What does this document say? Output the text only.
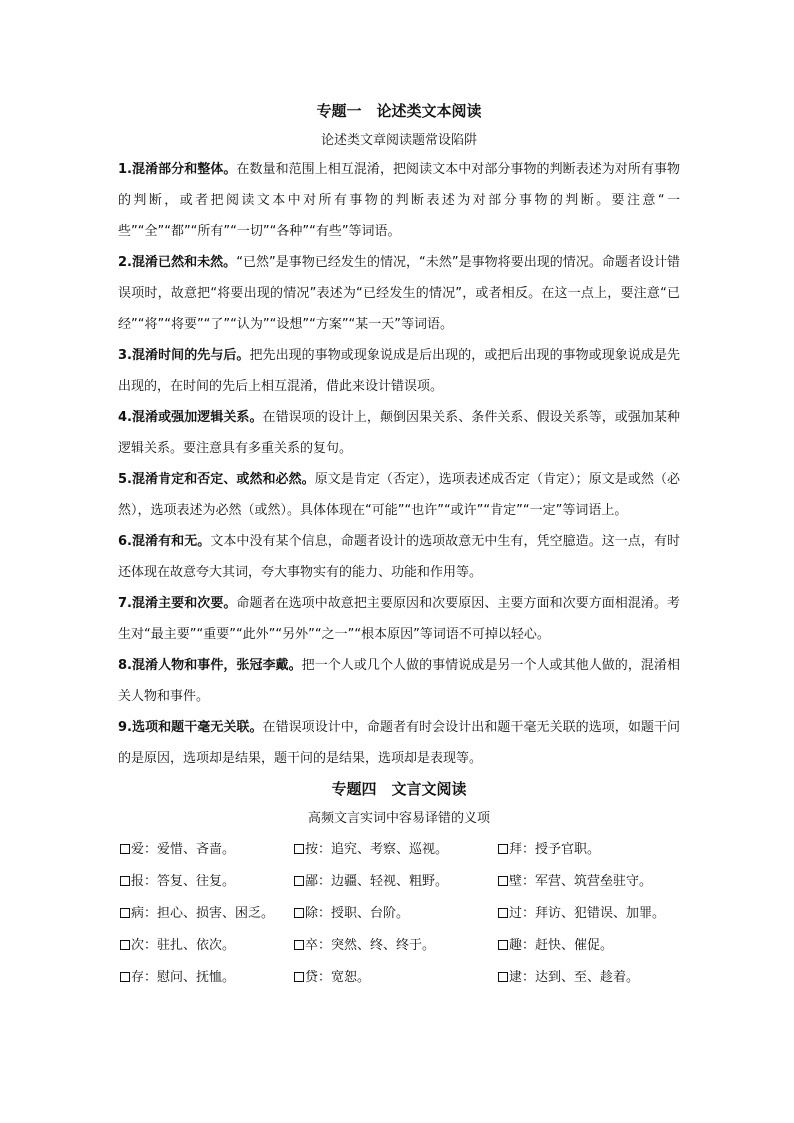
专题一　论述类文本阅读
论述类文章阅读题常设陷阱

1.混淆部分和整体。在数量和范围上相互混淆，把阅读文本中对部分事物的判断表述为对所有事物的判断，或者把阅读文本中对所有事物的判断表述为对部分事物的判断。要注意“一些”“全”“都”“所有”“一切”“各种”“有些”等词语。

2.混淆已然和未然。“已然”是事物已经发生的情况，“未然”是事物将要出现的情况。命题者设计错误项时，故意把“将要出现的情况”表述为“已经发生的情况”，或者相反。在这一点上，要注意“已经”“将”“将要”“了”“认为”“设想”“方案”“某一天”等词语。

3.混淆时间的先与后。把先出现的事物或现象说成是后出现的，或把后出现的事物或现象说成是先出现的，在时间的先后上相互混淆，借此来设计错误项。

4.混淆或强加逻辑关系。在错误项的设计上，颠倒因果关系、条件关系、假设关系等，或强加某种逻辑关系。要注意具有多重关系的复句。

5.混淆肯定和否定、或然和必然。原文是肯定（否定），选项表述成否定（肯定）；原文是或然（必然），选项表述为必然（或然）。具体体现在“可能”“也许”“或许”“肯定”“一定”等词语上。

6.混淆有和无。文本中没有某个信息，命题者设计的选项故意无中生有，凭空臆造。这一点，有时还体现在故意夸大其词，夸大事物实有的能力、功能和作用等。

7.混淆主要和次要。命题者在选项中故意把主要原因和次要原因、主要方面和次要方面相混淆。考生对“最主要”“重要”“此外”“另外”“之一”“根本原因”等词语不可掉以轻心。

8.混淆人物和事件，张冠李戴。把一个人或几个人做的事情说成是另一个人或其他人做的，混淆相关人物和事件。

9.选项和题干毫无关联。在错误项设计中，命题者有时会设计出和题干毫无关联的选项，如题干问的是原因，选项却是结果，题干问的是结果，选项却是表现等。

专题四　文言文阅读
高频文言实词中容易译错的义项
爱：爱惜、吝啬。	按：追究、考察、巡视。	拜：授予官职。
报：答复、往复。	鄙：边疆、轻视、粗野。	壁：军营、筑营垒驻守。
病：担心、损害、困乏。	除：授职、台阶。	过：拜访、犯错误、加罪。
次：驻扎、依次。	卒：突然、终、终于。	趣：赶快、催促。
存：慰问、抚恤。	贷：宽恕。	逮：达到、至、趁着。
